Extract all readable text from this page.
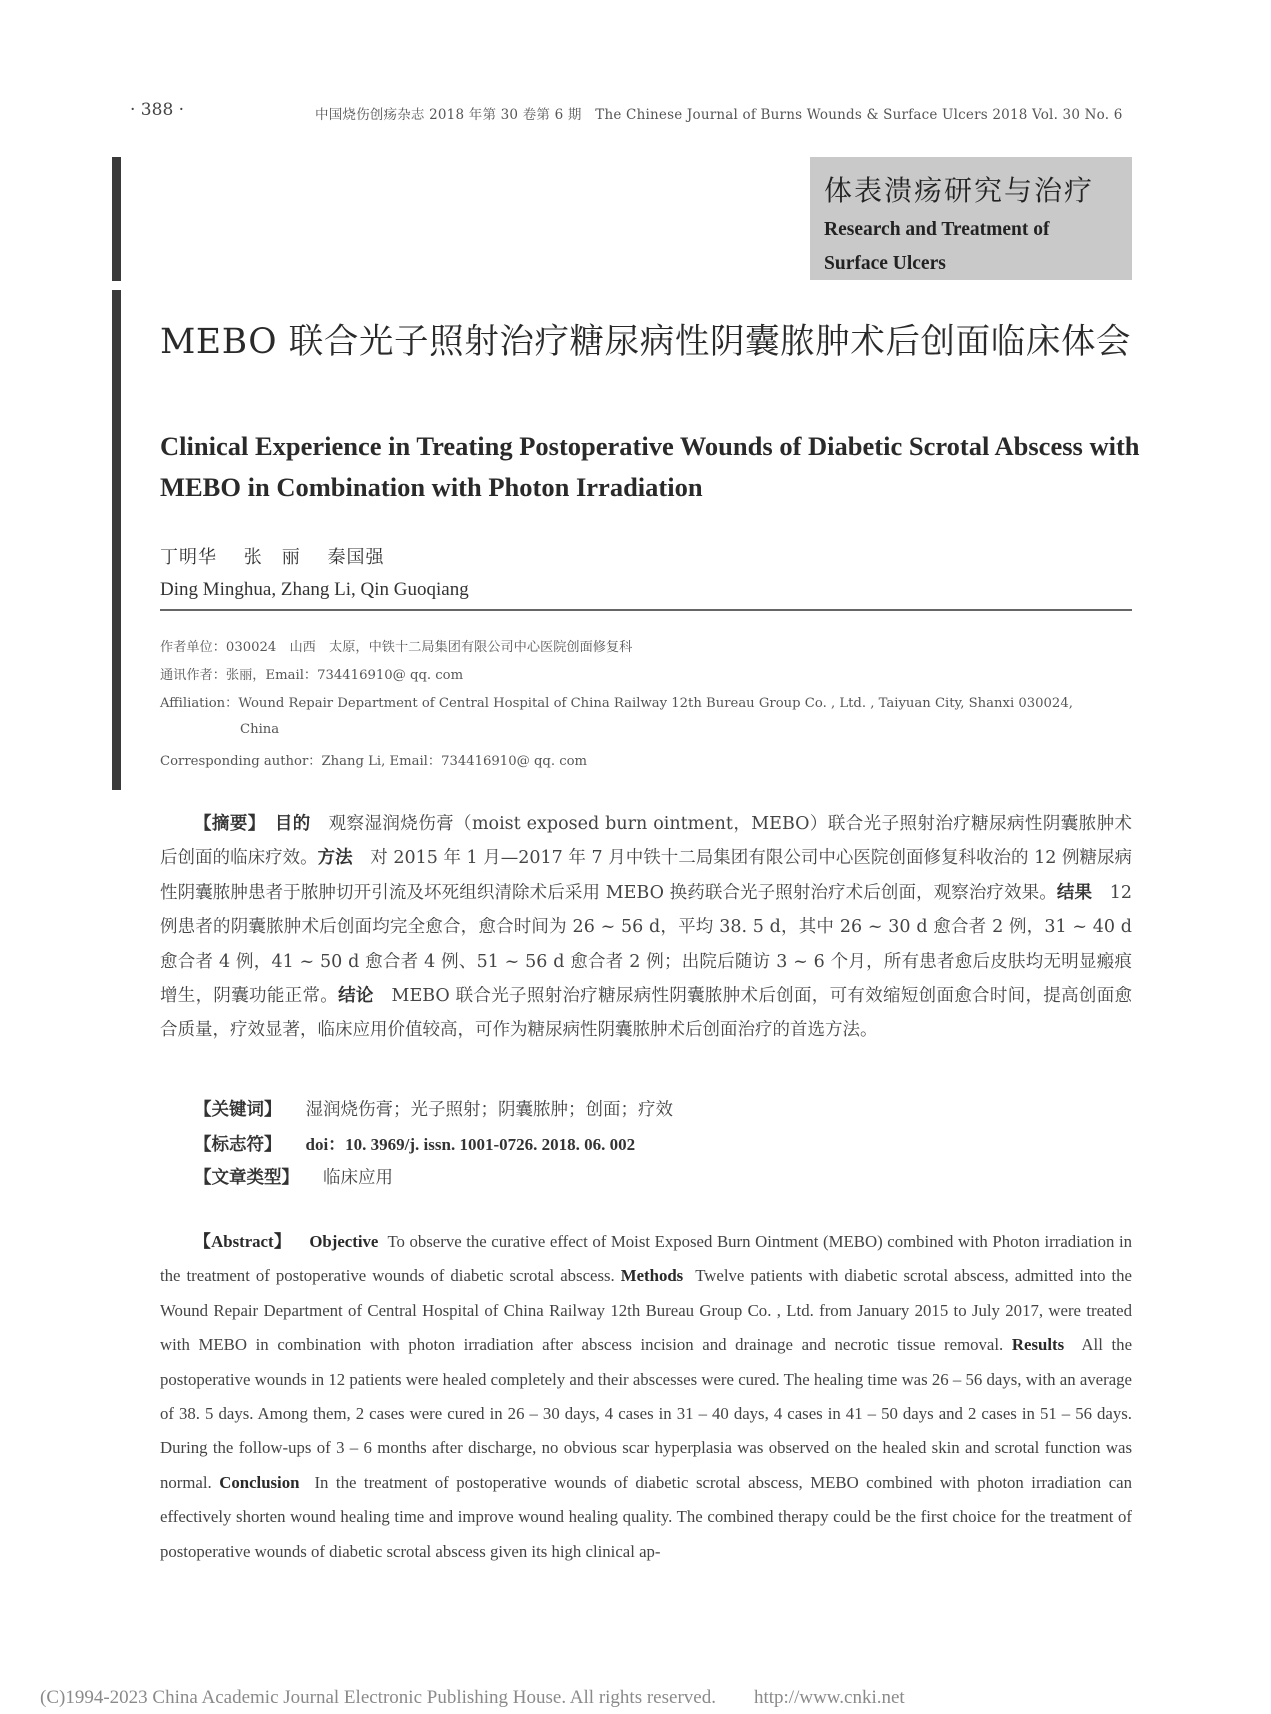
· 388 ·	中国烧伤创疡杂志 2018 年第 30 卷第 6 期　The Chinese Journal of Burns Wounds & Surface Ulcers 2018 Vol. 30 No. 6
体表溃疡研究与治疗
Research and Treatment of
Surface Ulcers
MEBO 联合光子照射治疗糖尿病性阴囊脓肿术后创面临床体会
Clinical Experience in Treating Postoperative Wounds of Diabetic Scrotal Abscess with MEBO in Combination with Photon Irradiation
丁明华 张　丽 秦国强
Ding Minghua, Zhang Li, Qin Guoqiang
作者单位：030024　山西　太原，中铁十二局集团有限公司中心医院创面修复科
通讯作者：张丽，Email：734416910@ qq. com
Affiliation：Wound Repair Department of Central Hospital of China Railway 12th Bureau Group Co. , Ltd. , Taiyuan City, Shanxi 030024,
China
Corresponding author：Zhang Li, Email：734416910@ qq. com
【摘要】　 目的　 观察湿润烧伤膏（moist exposed burn ointment，MEBO）联合光子照射治疗糖尿病性阴囊脓肿术后创面的临床疗效。方法　 对 2015 年 1 月—2017 年 7 月中铁十二局集团有限公司中心医院创面修复科收治的 12 例糖尿病性阴囊脓肿患者于脓肿切开引流及坏死组织清除术后采用 MEBO 换药联合光子照射治疗术后创面，观察治疗效果。结果　 12 例患者的阴囊脓肿术后创面均完全愈合，愈合时间为 26 ~ 56 d，平均 38. 5 d，其中 26 ~ 30 d 愈合者 2 例，31 ~ 40 d 愈合者 4 例，41 ~ 50 d 愈合者 4 例、51 ~ 56 d 愈合者 2 例；出院后随访 3 ~ 6 个月，所有患者愈后皮肤均无明显瘢痕增生，阴囊功能正常。结论　 MEBO 联合光子照射治疗糖尿病性阴囊脓肿术后创面，可有效缩短创面愈合时间，提高创面愈合质量，疗效显著，临床应用价值较高，可作为糖尿病性阴囊脓肿术后创面治疗的首选方法。
【关键词】 湿润烧伤膏；光子照射；阴囊脓肿；创面；疗效
【标志符】 doi：10. 3969/j. issn. 1001-0726. 2018. 06. 002
【文章类型】 临床应用
【Abstract】 Objective To observe the curative effect of Moist Exposed Burn Ointment (MEBO) combined with Photon irradiation in the treatment of postoperative wounds of diabetic scrotal abscess. Methods Twelve patients with diabetic scrotal abscess, admitted into the Wound Repair Department of Central Hospital of China Railway 12th Bureau Group Co. , Ltd. from January 2015 to July 2017, were treated with MEBO in combination with photon irradiation after abscess incision and drainage and necrotic tissue removal. Results All the postoperative wounds in 12 patients were healed completely and their abscesses were cured. The healing time was 26 – 56 days, with an average of 38. 5 days. Among them, 2 cases were cured in 26 – 30 days, 4 cases in 31 – 40 days, 4 cases in 41 – 50 days and 2 cases in 51 – 56 days. During the follow-ups of 3 – 6 months after discharge, no obvious scar hyperplasia was observed on the healed skin and scrotal function was normal. Conclusion In the treatment of postoperative wounds of diabetic scrotal abscess, MEBO combined with photon irradiation can effectively shorten wound healing time and improve wound healing quality. The combined therapy could be the first choice for the treatment of postoperative wounds of diabetic scrotal abscess given its high clinical ap-
(C)1994-2023 China Academic Journal Electronic Publishing House. All rights reserved.　　http://www.cnki.net
